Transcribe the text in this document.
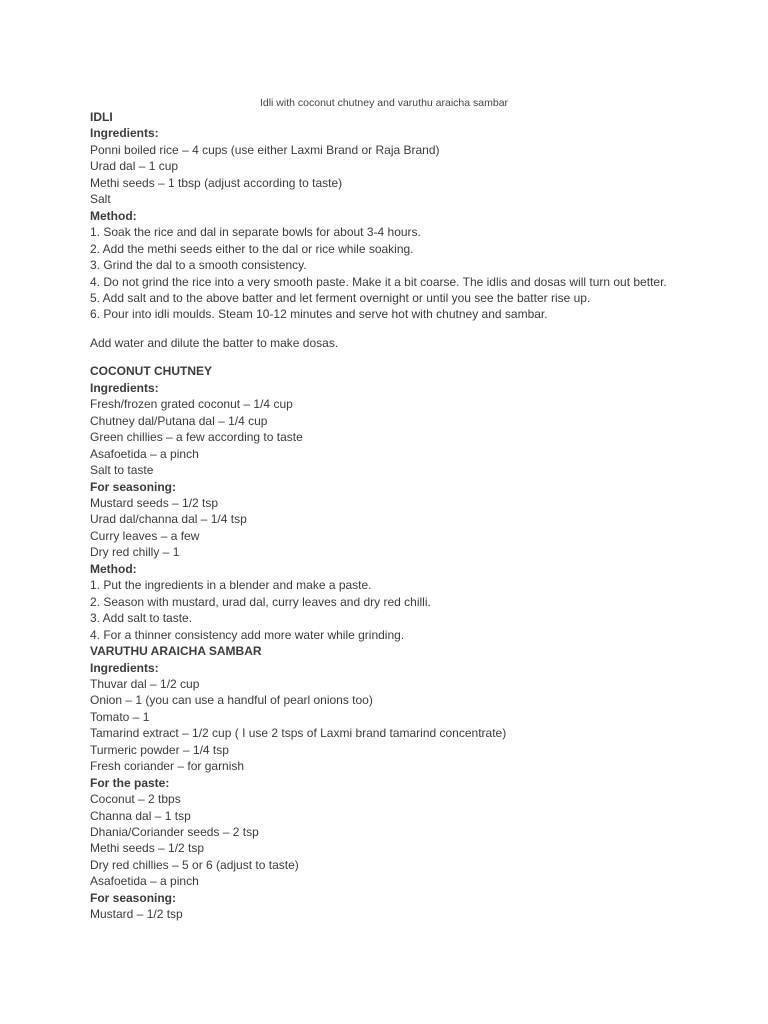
Idli with coconut chutney and varuthu araicha sambar
IDLI
Ingredients:
Ponni boiled rice – 4 cups (use either Laxmi Brand or Raja Brand)
Urad dal – 1 cup
Methi seeds – 1 tbsp (adjust according to taste)
Salt
Method:
1. Soak the rice and dal in separate bowls for about 3-4 hours.
2. Add the methi seeds either to the dal or rice while soaking.
3. Grind the dal to a smooth consistency.
4. Do not grind the rice into a very smooth paste. Make it a bit coarse. The idlis and dosas will turn out better.
5. Add salt and to the above batter and let ferment overnight or until you see the batter rise up.
6. Pour into idli moulds. Steam 10-12 minutes and serve hot with chutney and sambar.
Add water and dilute the batter to make dosas.
COCONUT CHUTNEY
Ingredients:
Fresh/frozen grated coconut – 1/4 cup
Chutney dal/Putana dal – 1/4 cup
Green chillies – a few according to taste
Asafoetida – a pinch
Salt to taste
For seasoning:
Mustard seeds – 1/2 tsp
Urad dal/channa dal – 1/4 tsp
Curry leaves – a few
Dry red chilly – 1
Method:
1. Put the ingredients in a blender and make a paste.
2. Season with mustard, urad dal, curry leaves and dry red chilli.
3. Add salt to taste.
4. For a thinner consistency add more water while grinding.
VARUTHU ARAICHA SAMBAR
Ingredients:
Thuvar dal – 1/2 cup
Onion – 1 (you can use a handful of pearl onions too)
Tomato – 1
Tamarind extract – 1/2 cup ( I use 2 tsps of Laxmi brand tamarind concentrate)
Turmeric powder – 1/4 tsp
Fresh coriander – for garnish
For the paste:
Coconut – 2 tbps
Channa dal – 1 tsp
Dhania/Coriander seeds – 2 tsp
Methi seeds – 1/2 tsp
Dry red chillies – 5 or 6 (adjust to taste)
Asafoetida – a pinch
For seasoning:
Mustard – 1/2 tsp
